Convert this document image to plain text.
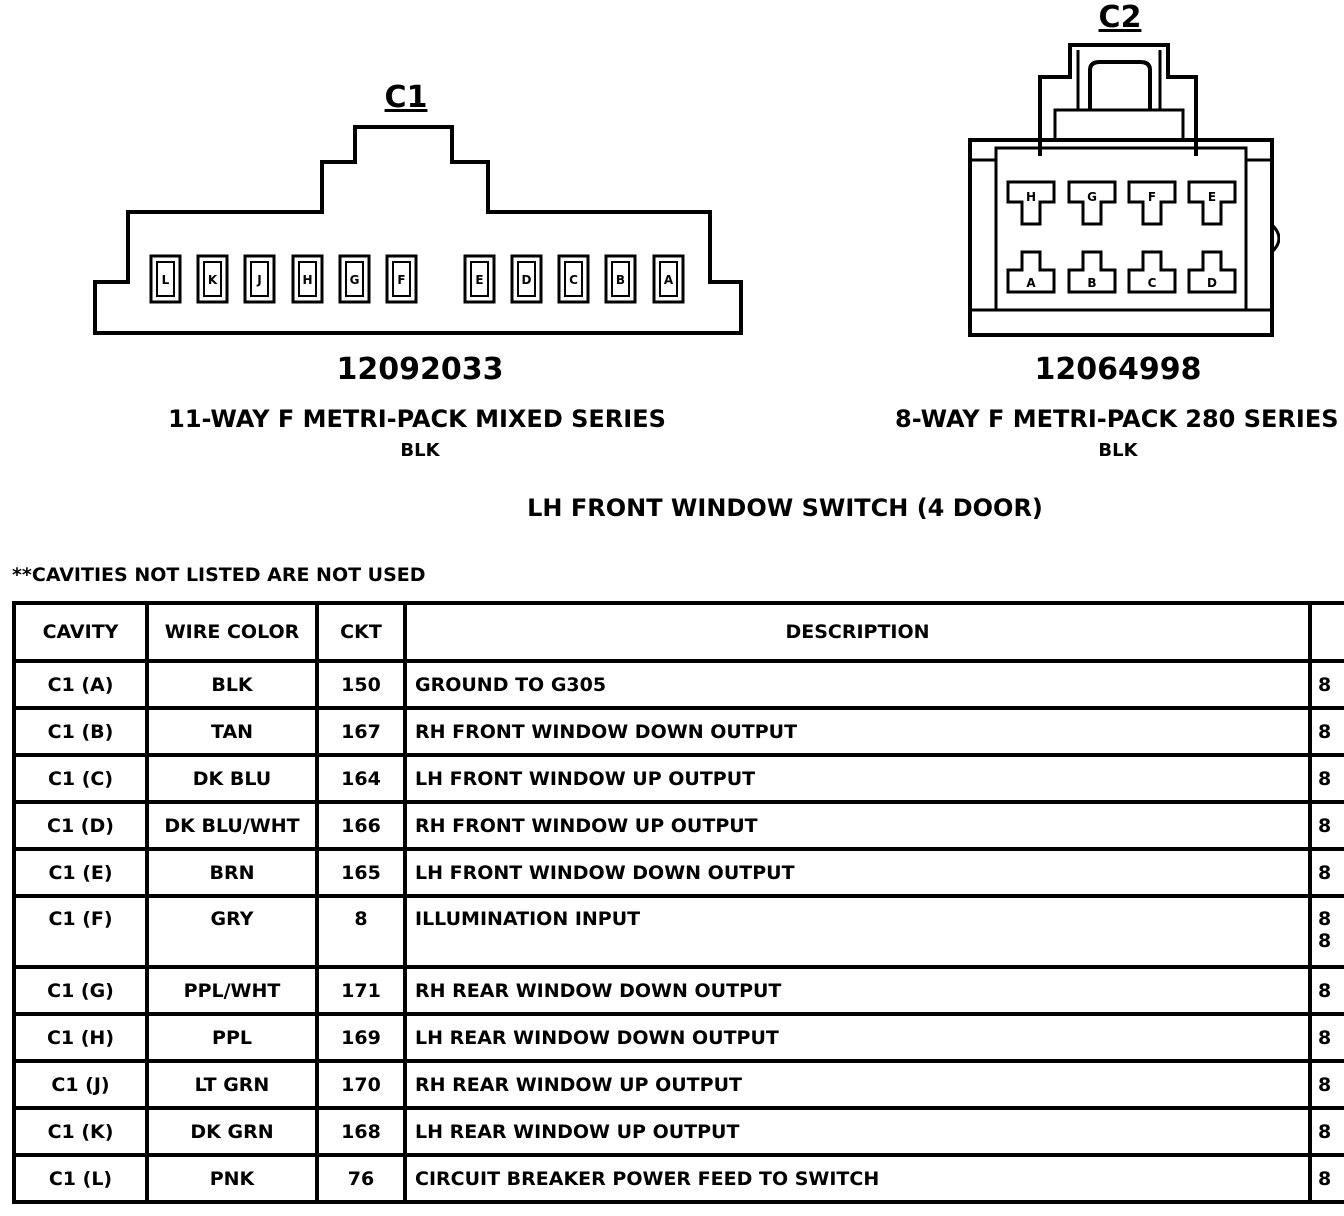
C1
L	K	J	H	G	F	E	D	C	B	A
12092033
11-WAY F METRI-PACK MIXED SERIES
BLK
C2
H	G	F	E
A	B	C	D
12064998
8-WAY F METRI-PACK 280 SERIES
BLK
LH FRONT WINDOW SWITCH (4 DOOR)
**CAVITIES NOT LISTED ARE NOT USED
CAVITY	WIRE COLOR	CKT	DESCRIPTION	
C1 (A)	BLK	150	GROUND TO G305	8
C1 (B)	TAN	167	RH FRONT WINDOW DOWN OUTPUT	8
C1 (C)	DK BLU	164	LH FRONT WINDOW UP OUTPUT	8
C1 (D)	DK BLU/WHT	166	RH FRONT WINDOW UP OUTPUT	8
C1 (E)	BRN	165	LH FRONT WINDOW DOWN OUTPUT	8
C1 (F)	GRY	8	ILLUMINATION INPUT	8
8

C1 (G)	PPL/WHT	171	RH REAR WINDOW DOWN OUTPUT	8
C1 (H)	PPL	169	LH REAR WINDOW DOWN OUTPUT	8
C1 (J)	LT GRN	170	RH REAR WINDOW UP OUTPUT	8
C1 (K)	DK GRN	168	LH REAR WINDOW UP OUTPUT	8
C1 (L)	PNK	76	CIRCUIT BREAKER POWER FEED TO SWITCH	8
